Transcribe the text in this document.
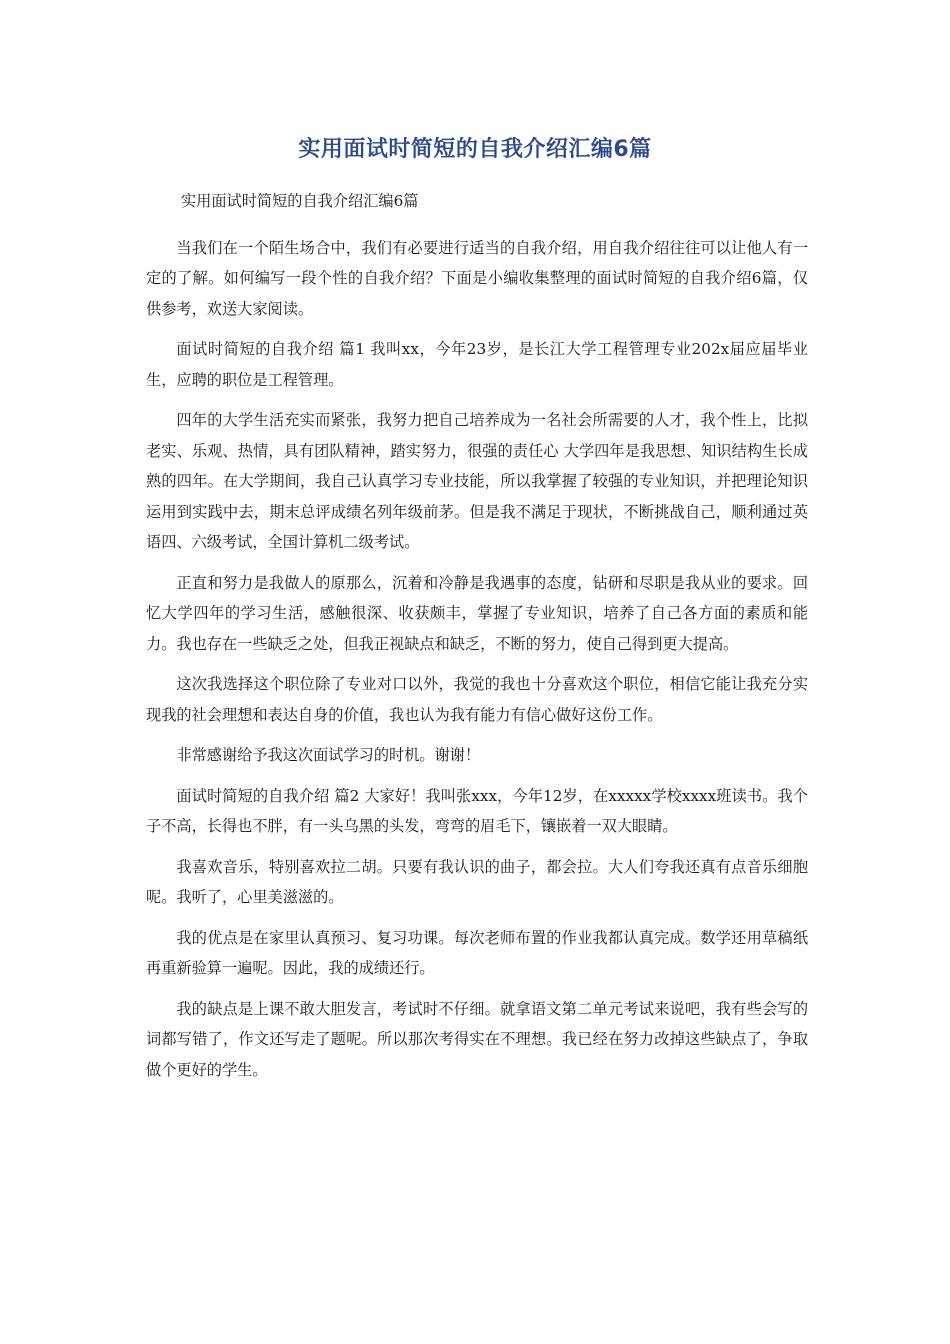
实用面试时简短的自我介绍汇编6篇

实用面试时简短的自我介绍汇编6篇

当我们在一个陌生场合中，我们有必要进行适当的自我介绍，用自我介绍往往可以让他人有一定的了解。如何编写一段个性的自我介绍？下面是小编收集整理的面试时简短的自我介绍6篇，仅供参考，欢送大家阅读。

面试时简短的自我介绍 篇1 我叫xx，今年23岁，是长江大学工程管理专业202x届应届毕业生，应聘的职位是工程管理。

四年的大学生活充实而紧张，我努力把自己培养成为一名社会所需要的人才，我个性上，比拟老实、乐观、热情，具有团队精神，踏实努力，很强的责任心 大学四年是我思想、知识结构生长成熟的四年。在大学期间，我自己认真学习专业技能，所以我掌握了较强的专业知识，并把理论知识运用到实践中去，期末总评成绩名列年级前茅。但是我不满足于现状，不断挑战自己，顺利通过英语四、六级考试，全国计算机二级考试。

正直和努力是我做人的原那么，沉着和冷静是我遇事的态度，钻研和尽职是我从业的要求。回忆大学四年的学习生活，感触很深、收获颇丰，掌握了专业知识，培养了自己各方面的素质和能力。我也存在一些缺乏之处，但我正视缺点和缺乏，不断的努力，使自己得到更大提高。

这次我选择这个职位除了专业对口以外，我觉的我也十分喜欢这个职位，相信它能让我充分实现我的社会理想和表达自身的价值，我也认为我有能力有信心做好这份工作。

非常感谢给予我这次面试学习的时机。谢谢！

面试时简短的自我介绍 篇2 大家好！我叫张xxx，今年12岁，在xxxxx学校xxxx班读书。我个子不高，长得也不胖，有一头乌黑的头发，弯弯的眉毛下，镶嵌着一双大眼睛。

我喜欢音乐，特别喜欢拉二胡。只要有我认识的曲子，都会拉。大人们夸我还真有点音乐细胞呢。我听了，心里美滋滋的。

我的优点是在家里认真预习、复习功课。每次老师布置的作业我都认真完成。数学还用草稿纸再重新验算一遍呢。因此，我的成绩还行。

我的缺点是上课不敢大胆发言，考试时不仔细。就拿语文第二单元考试来说吧，我有些会写的词都写错了，作文还写走了题呢。所以那次考得实在不理想。我已经在努力改掉这些缺点了，争取做个更好的学生。
